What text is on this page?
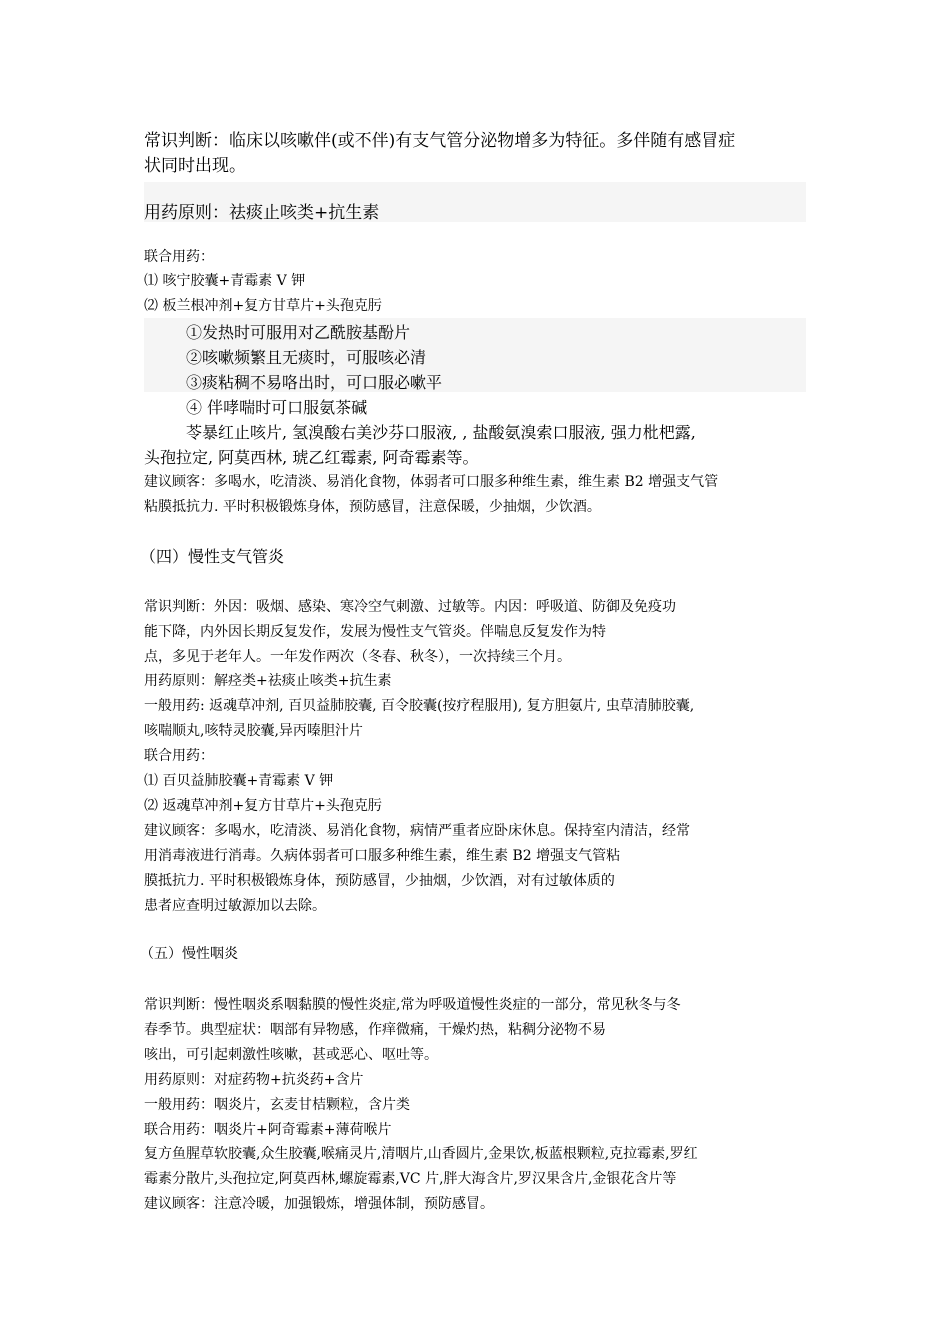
常识判断：临床以咳嗽伴(或不伴)有支气管分泌物增多为特征。多伴随有感冒症
状同时出现。
用药原则：祛痰止咳类+抗生素
联合用药：
⑴ 咳宁胶囊+青霉素 V 钾
⑵ 板兰根冲剂+复方甘草片+头孢克肟
①发热时可服用对乙酰胺基酚片
②咳嗽频繁且无痰时，可服咳必清
③痰粘稠不易咯出时，可口服必嗽平
④ 伴哮喘时可口服氨茶碱
苓暴红止咳片, 氢溴酸右美沙芬口服液, , 盐酸氨溴索口服液, 强力枇杷露,
头孢拉定, 阿莫西林, 琥乙红霉素, 阿奇霉素等。
建议顾客：多喝水，吃清淡、易消化食物，体弱者可口服多种维生素，维生素 B2 增强支气管
粘膜抵抗力. 平时积极锻炼身体，预防感冒，注意保暖，少抽烟，少饮酒。
（四）慢性支气管炎
常识判断：外因：吸烟、感染、寒冷空气刺激、过敏等。内因：呼吸道、防御及免疫功
能下降，内外因长期反复发作，发展为慢性支气管炎。伴喘息反复发作为特
点，多见于老年人。一年发作两次（冬春、秋冬），一次持续三个月。
用药原则：解痉类+祛痰止咳类+抗生素
一般用药: 返魂草冲剂, 百贝益肺胶囊, 百令胶囊(按疗程服用), 复方胆氨片, 虫草清肺胶囊,
咳喘顺丸,咳特灵胶囊,异丙嗪胆汁片
联合用药：
⑴ 百贝益肺胶囊+青霉素 V 钾
⑵ 返魂草冲剂+复方甘草片+头孢克肟
建议顾客：多喝水，吃清淡、易消化食物，病情严重者应卧床休息。保持室内清洁，经常
用消毒液进行消毒。久病体弱者可口服多种维生素，维生素 B2 增强支气管粘
膜抵抗力. 平时积极锻炼身体，预防感冒，少抽烟，少饮酒，对有过敏体质的
患者应查明过敏源加以去除。
（五）慢性咽炎
常识判断：慢性咽炎系咽黏膜的慢性炎症,常为呼吸道慢性炎症的一部分，常见秋冬与冬
春季节。典型症状：咽部有异物感，作痒微痛，干燥灼热，粘稠分泌物不易
咳出，可引起刺激性咳嗽，甚或恶心、呕吐等。
用药原则：对症药物+抗炎药+含片
一般用药：咽炎片，玄麦甘桔颗粒，含片类
联合用药：咽炎片+阿奇霉素+薄荷喉片
复方鱼腥草软胶囊,众生胶囊,喉痛灵片,清咽片,山香圆片,金果饮,板蓝根颗粒,克拉霉素,罗红
霉素分散片,头孢拉定,阿莫西林,螺旋霉素,VC 片,胖大海含片,罗汉果含片,金银花含片等
建议顾客：注意冷暖，加强锻炼，增强体制，预防感冒。
